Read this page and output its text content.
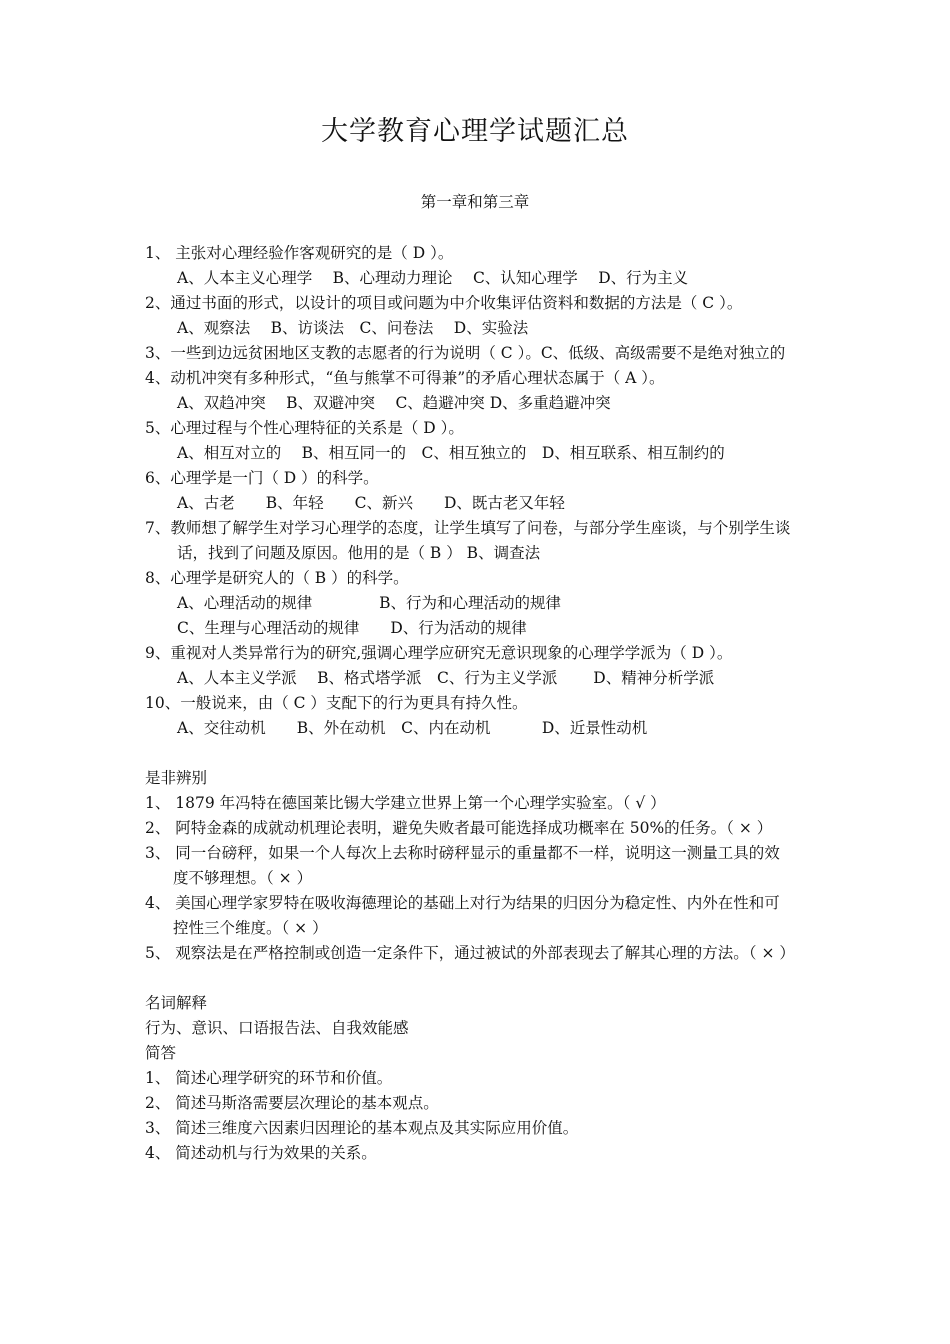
大学教育心理学试题汇总
第一章和第三章
1、 主张对心理经验作客观研究的是（ D ）。
A、人本主义心理学　 B、心理动力理论　 C、认知心理学　 D、行为主义
2、通过书面的形式，以设计的项目或问题为中介收集评估资料和数据的方法是（ C ）。
A、观察法　 B、访谈法　C、问卷法　 D、实验法
3、一些到边远贫困地区支教的志愿者的行为说明（ C ）。C、低级、高级需要不是绝对独立的
4、动机冲突有多种形式，“鱼与熊掌不可得兼”的矛盾心理状态属于（ A ）。
A、双趋冲突　 B、双避冲突　 C、趋避冲突 D、多重趋避冲突
5、心理过程与个性心理特征的关系是（ D ）。
A、相互对立的　 B、相互同一的　C、相互独立的　D、相互联系、相互制约的
6、心理学是一门（ D ）的科学。
A、古老　　B、年轻　　C、新兴　　D、既古老又年轻
7、教师想了解学生对学习心理学的态度，让学生填写了问卷，与部分学生座谈，与个别学生谈
话，找到了问题及原因。他用的是（ B ） B、调查法
8、心理学是研究人的（ B ）的科学。
A、心理活动的规律　　　　 B、行为和心理活动的规律
C、生理与心理活动的规律　　D、行为活动的规律
9、重视对人类异常行为的研究,强调心理学应研究无意识现象的心理学学派为（ D ）。
A、人本主义学派　 B、格式塔学派　C、行为主义学派　　 D、精神分析学派
10、一般说来，由（ C ）支配下的行为更具有持久性。
A、交往动机　　B、外在动机　C、内在动机　　　 D、近景性动机
是非辨别
1、 1879 年冯特在德国莱比锡大学建立世界上第一个心理学实验室。（ √ ）
2、 阿特金森的成就动机理论表明，避免失败者最可能选择成功概率在 50%的任务。（ × ）
3、 同一台磅秤，如果一个人每次上去称时磅秤显示的重量都不一样，说明这一测量工具的效
度不够理想。（ × ）
4、 美国心理学家罗特在吸收海德理论的基础上对行为结果的归因分为稳定性、内外在性和可
控性三个维度。（ × ）
5、 观察法是在严格控制或创造一定条件下，通过被试的外部表现去了解其心理的方法。（ × ）
名词解释
行为、意识、口语报告法、自我效能感
简答
1、 简述心理学研究的环节和价值。
2、 简述马斯洛需要层次理论的基本观点。
3、 简述三维度六因素归因理论的基本观点及其实际应用价值。
4、 简述动机与行为效果的关系。
